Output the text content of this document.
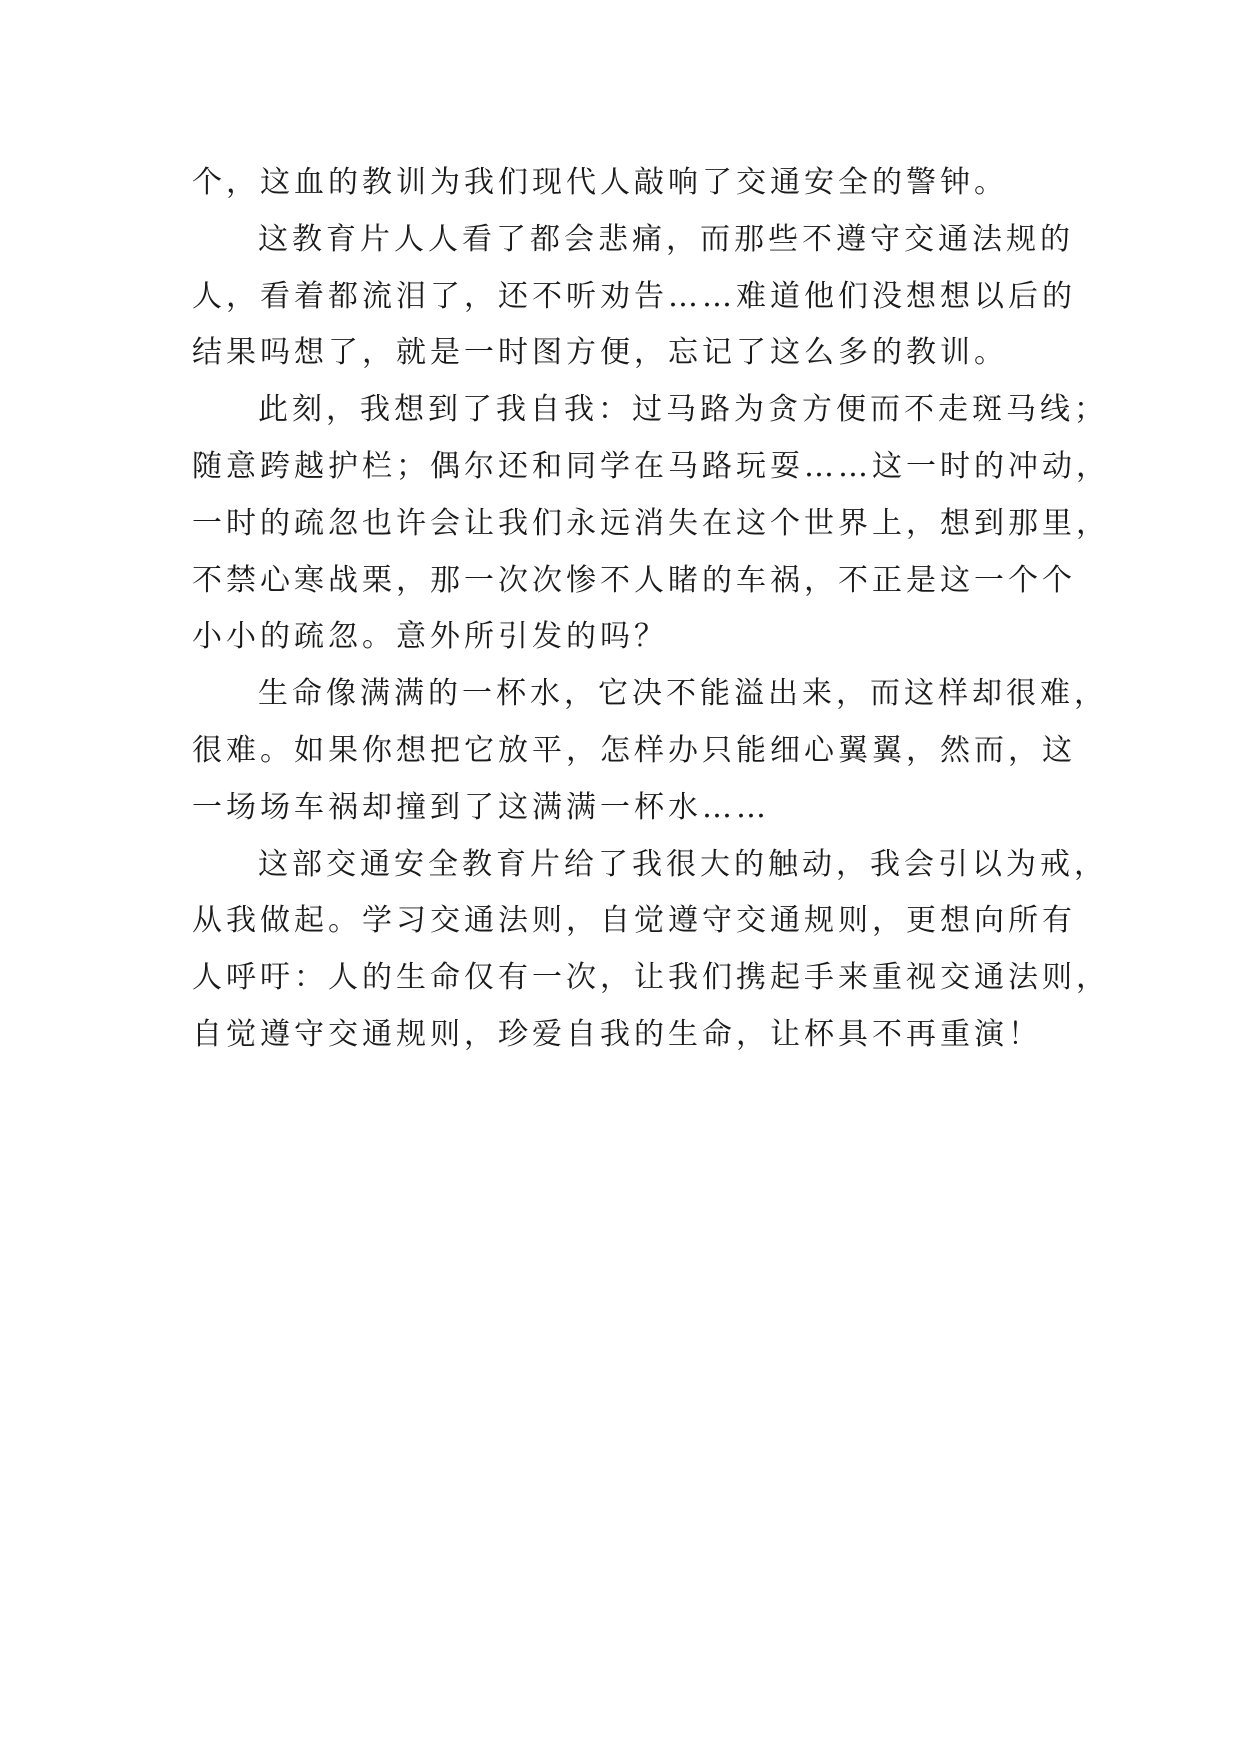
个，这血的教训为我们现代人敲响了交通安全的警钟。
这教育片人人看了都会悲痛，而那些不遵守交通法规的
人，看着都流泪了，还不听劝告……难道他们没想想以后的
结果吗想了，就是一时图方便，忘记了这么多的教训。
此刻，我想到了我自我：过马路为贪方便而不走斑马线；
随意跨越护栏；偶尔还和同学在马路玩耍……这一时的冲动，
一时的疏忽也许会让我们永远消失在这个世界上，想到那里，
不禁心寒战栗，那一次次惨不人睹的车祸，不正是这一个个
小小的疏忽。意外所引发的吗？
生命像满满的一杯水，它决不能溢出来，而这样却很难，
很难。如果你想把它放平，怎样办只能细心翼翼，然而，这
一场场车祸却撞到了这满满一杯水……
这部交通安全教育片给了我很大的触动，我会引以为戒，
从我做起。学习交通法则，自觉遵守交通规则，更想向所有
人呼吁：人的生命仅有一次，让我们携起手来重视交通法则，
自觉遵守交通规则，珍爱自我的生命，让杯具不再重演！
